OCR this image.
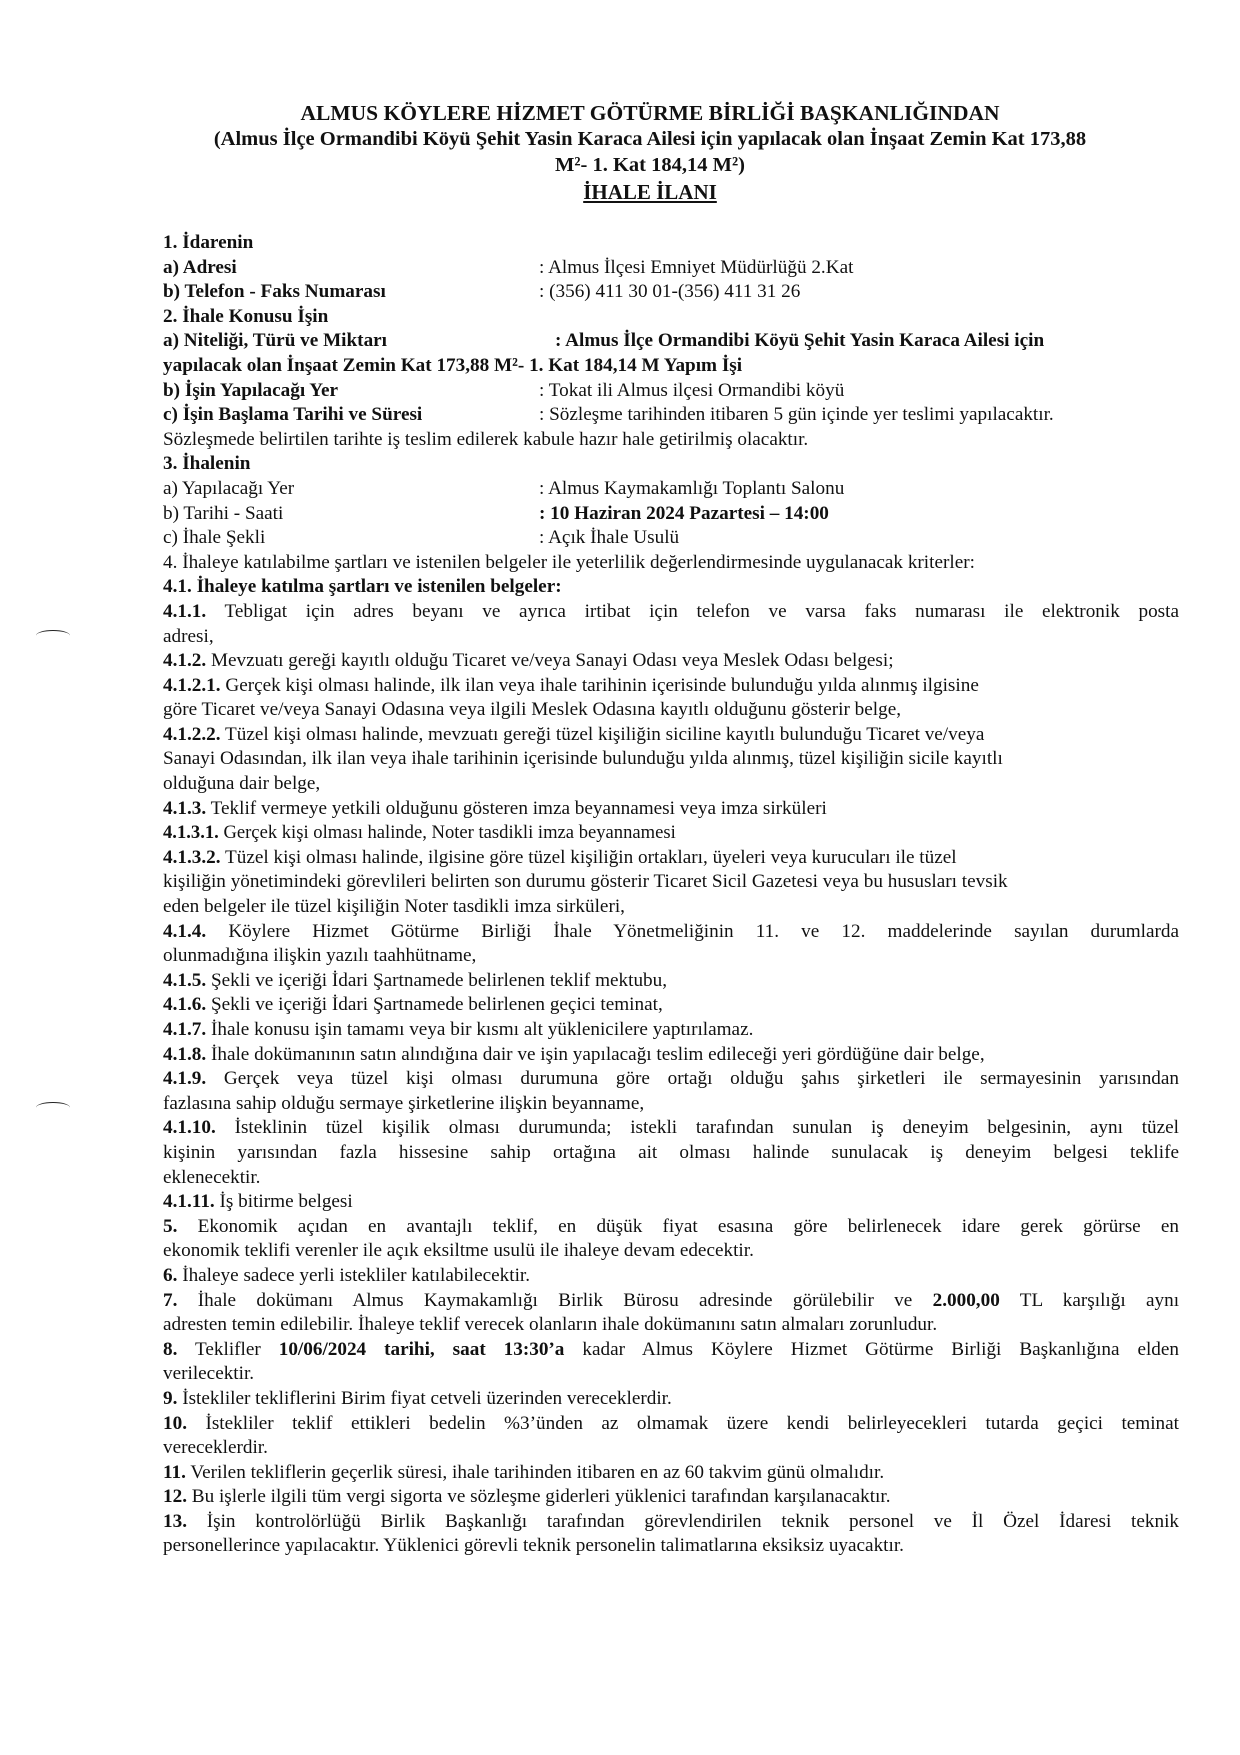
ALMUS KÖYLERE HİZMET GÖTÜRME BİRLİĞİ BAŞKANLIĞINDAN
(Almus İlçe Ormandibi Köyü Şehit Yasin Karaca Ailesi için yapılacak olan İnşaat Zemin Kat 173,88
M²- 1. Kat 184,14 M²)
İHALE İLANI
1. İdarenin
a) Adresi	: Almus İlçesi Emniyet Müdürlüğü 2.Kat
b) Telefon - Faks Numarası	: (356) 411 30 01-(356) 411 31 26
2. İhale Konusu İşin
a) Niteliği, Türü ve Miktarı	: Almus İlçe Ormandibi Köyü Şehit Yasin Karaca Ailesi için
yapılacak olan İnşaat Zemin Kat 173,88 M²- 1. Kat 184,14 M Yapım İşi
b) İşin Yapılacağı Yer	: Tokat ili Almus ilçesi Ormandibi köyü
c) İşin Başlama Tarihi ve Süresi	: Sözleşme tarihinden itibaren 5 gün içinde yer teslimi yapılacaktır.
Sözleşmede belirtilen tarihte iş teslim edilerek kabule hazır hale getirilmiş olacaktır.
3. İhalenin
a) Yapılacağı Yer	: Almus Kaymakamlığı Toplantı Salonu
b) Tarihi - Saati	: 10 Haziran 2024 Pazartesi – 14:00
c) İhale Şekli	: Açık İhale Usulü
4. İhaleye katılabilme şartları ve istenilen belgeler ile yeterlilik değerlendirmesinde uygulanacak kriterler:
4.1. İhaleye katılma şartları ve istenilen belgeler:
4.1.1. Tebligat için adres beyanı ve ayrıca irtibat için telefon ve varsa faks numarası ile elektronik posta
adresi,
4.1.2. Mevzuatı gereği kayıtlı olduğu Ticaret ve/veya Sanayi Odası veya Meslek Odası belgesi;
4.1.2.1. Gerçek kişi olması halinde, ilk ilan veya ihale tarihinin içerisinde bulunduğu yılda alınmış ilgisine
göre Ticaret ve/veya Sanayi Odasına veya ilgili Meslek Odasına kayıtlı olduğunu gösterir belge,
4.1.2.2. Tüzel kişi olması halinde, mevzuatı gereği tüzel kişiliğin siciline kayıtlı bulunduğu Ticaret ve/veya
Sanayi Odasından, ilk ilan veya ihale tarihinin içerisinde bulunduğu yılda alınmış, tüzel kişiliğin sicile kayıtlı
olduğuna dair belge,
4.1.3. Teklif vermeye yetkili olduğunu gösteren imza beyannamesi veya imza sirküleri
4.1.3.1. Gerçek kişi olması halinde, Noter tasdikli imza beyannamesi
4.1.3.2. Tüzel kişi olması halinde, ilgisine göre tüzel kişiliğin ortakları, üyeleri veya kurucuları ile tüzel
kişiliğin yönetimindeki görevlileri belirten son durumu gösterir Ticaret Sicil Gazetesi veya bu hususları tevsik
eden belgeler ile tüzel kişiliğin Noter tasdikli imza sirküleri,
4.1.4. Köylere Hizmet Götürme Birliği İhale Yönetmeliğinin 11. ve 12. maddelerinde sayılan durumlarda
olunmadığına ilişkin yazılı taahhütname,
4.1.5. Şekli ve içeriği İdari Şartnamede belirlenen teklif mektubu,
4.1.6. Şekli ve içeriği İdari Şartnamede belirlenen geçici teminat,
4.1.7. İhale konusu işin tamamı veya bir kısmı alt yüklenicilere yaptırılamaz.
4.1.8. İhale dokümanının satın alındığına dair ve işin yapılacağı teslim edileceği yeri gördüğüne dair belge,
4.1.9. Gerçek veya tüzel kişi olması durumuna göre ortağı olduğu şahıs şirketleri ile sermayesinin yarısından
fazlasına sahip olduğu sermaye şirketlerine ilişkin beyanname,
4.1.10. İsteklinin tüzel kişilik olması durumunda; istekli tarafından sunulan iş deneyim belgesinin, aynı tüzel
kişinin yarısından fazla hissesine sahip ortağına ait olması halinde sunulacak iş deneyim belgesi teklife
eklenecektir.
4.1.11. İş bitirme belgesi
5. Ekonomik açıdan en avantajlı teklif, en düşük fiyat esasına göre belirlenecek idare gerek görürse en
ekonomik teklifi verenler ile açık eksiltme usulü ile ihaleye devam edecektir.
6. İhaleye sadece yerli istekliler katılabilecektir.
7. İhale dokümanı Almus Kaymakamlığı Birlik Bürosu adresinde görülebilir ve 2.000,00 TL karşılığı aynı
adresten temin edilebilir. İhaleye teklif verecek olanların ihale dokümanını satın almaları zorunludur.
8. Teklifler 10/06/2024 tarihi, saat 13:30’a kadar Almus Köylere Hizmet Götürme Birliği Başkanlığına elden
verilecektir.
9. İstekliler tekliflerini Birim fiyat cetveli üzerinden vereceklerdir.
10. İstekliler teklif ettikleri bedelin %3’ünden az olmamak üzere kendi belirleyecekleri tutarda geçici teminat
vereceklerdir.
11. Verilen tekliflerin geçerlik süresi, ihale tarihinden itibaren en az 60 takvim günü olmalıdır.
12. Bu işlerle ilgili tüm vergi sigorta ve sözleşme giderleri yüklenici tarafından karşılanacaktır.
13. İşin kontrolörlüğü Birlik Başkanlığı tarafından görevlendirilen teknik personel ve İl Özel İdaresi teknik
personellerince yapılacaktır. Yüklenici görevli teknik personelin talimatlarına eksiksiz uyacaktır.
